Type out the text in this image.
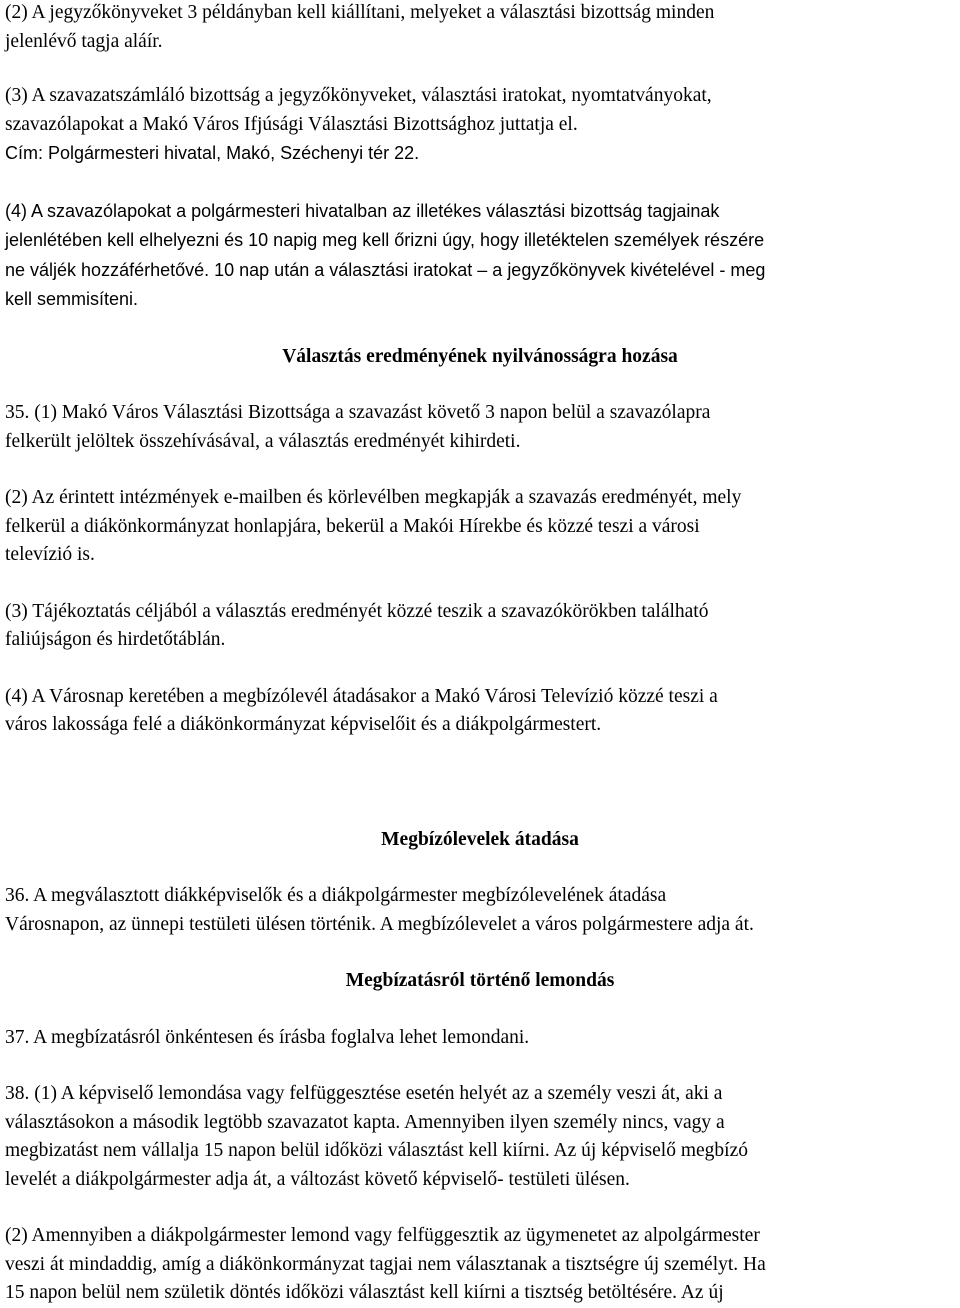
(2) A jegyzőkönyveket 3 példányban kell kiállítani, melyeket a választási bizottság minden
jelenlévő tagja aláír.

(3) A szavazatszámláló bizottság a jegyzőkönyveket, választási iratokat, nyomtatványokat,
szavazólapokat a Makó Város Ifjúsági Választási Bizottsághoz juttatja el.
Cím: Polgármesteri hivatal, Makó, Széchenyi tér 22.

(4) A szavazólapokat a polgármesteri hivatalban az illetékes választási bizottság tagjainak
jelenlétében kell elhelyezni és 10 napig meg kell őrizni úgy, hogy illetéktelen személyek részére
ne váljék hozzáférhetővé. 10 nap után a választási iratokat – a jegyzőkönyvek kivételével - meg
kell semmisíteni.

Választás eredményének nyilvánosságra hozása

35. (1) Makó Város Választási Bizottsága a szavazást követő 3 napon belül a szavazólapra
felkerült jelöltek összehívásával, a választás eredményét kihirdeti.

(2) Az érintett intézmények e-mailben és körlevélben megkapják a szavazás eredményét, mely
felkerül a diákönkormányzat honlapjára, bekerül a Makói Hírekbe és közzé teszi a városi
televízió is.

(3) Tájékoztatás céljából a választás eredményét közzé teszik a szavazókörökben található
faliújságon és hirdetőtáblán.

(4) A Városnap keretében a megbízólevél átadásakor a Makó Városi Televízió közzé teszi a
város lakossága felé a diákönkormányzat képviselőit és a diákpolgármestert.

Megbízólevelek átadása

36. A megválasztott diákképviselők és a diákpolgármester megbízólevelének átadása
Városnapon, az ünnepi testületi ülésen történik. A megbízólevelet a város polgármestere adja át.

Megbízatásról történő lemondás

37. A megbízatásról önkéntesen és írásba foglalva lehet lemondani.

38. (1) A képviselő lemondása vagy felfüggesztése esetén helyét az a személy veszi át, aki a
választásokon a második legtöbb szavazatot kapta. Amennyiben ilyen személy nincs, vagy a
megbizatást nem vállalja 15 napon belül időközi választást kell kiírni. Az új képviselő megbízó
levelét a diákpolgármester adja át, a változást követő képviselő- testületi ülésen.

(2) Amennyiben a diákpolgármester lemond vagy felfüggesztik az ügymenetet az alpolgármester
veszi át mindaddig, amíg a diákönkormányzat tagjai nem választanak a tisztségre új személyt. Ha
15 napon belül nem születik döntés időközi választást kell kiírni a tisztség betöltésére. Az új
